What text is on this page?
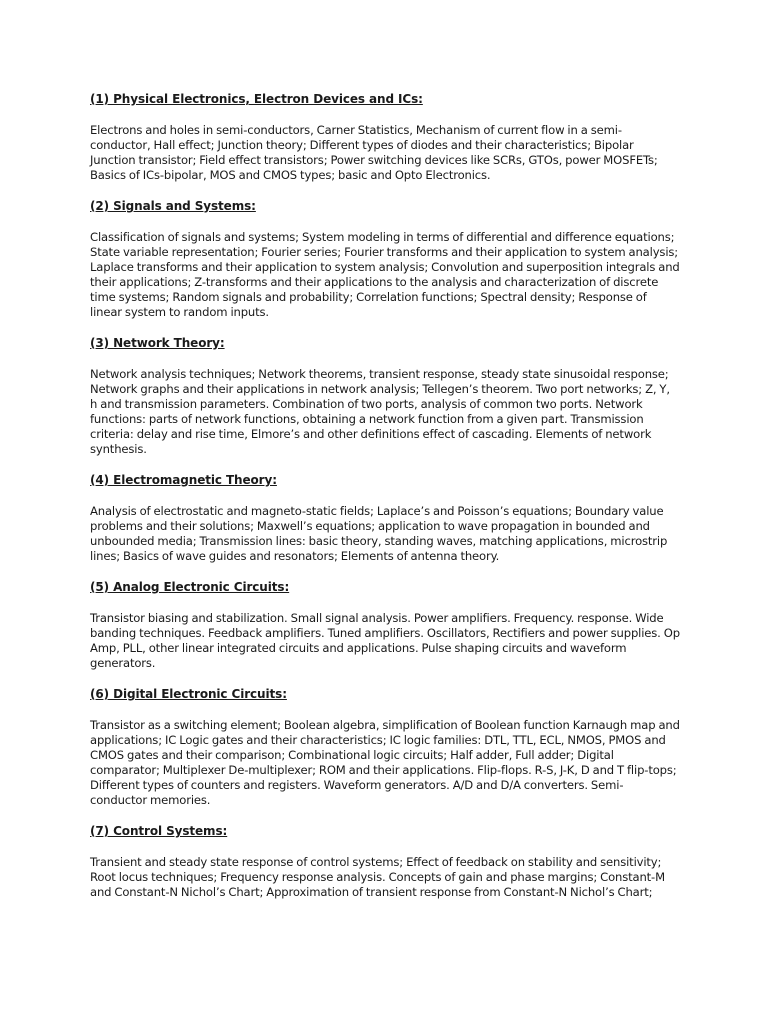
(1) Physical Electronics, Electron Devices and ICs:

Electrons and holes in semi-conductors, Carner Statistics, Mechanism of current flow in a semi-conductor, Hall effect; Junction theory; Different types of diodes and their characteristics; Bipolar Junction transistor; Field effect transistors; Power switching devices like SCRs, GTOs, power MOSFETs; Basics of ICs-bipolar, MOS and CMOS types; basic and Opto Electronics.

(2) Signals and Systems:

Classification of signals and systems; System modeling in terms of differential and difference equations; State variable representation; Fourier series; Fourier transforms and their application to system analysis; Laplace transforms and their application to system analysis; Convolution and superposition integrals and their applications; Z-transforms and their applications to the analysis and characterization of discrete time systems; Random signals and probability; Correlation functions; Spectral density; Response of linear system to random inputs.

(3) Network Theory:

Network analysis techniques; Network theorems, transient response, steady state sinusoidal response; Network graphs and their applications in network analysis; Tellegen’s theorem. Two port networks; Z, Y, h and transmission parameters. Combination of two ports, analysis of common two ports. Network functions: parts of network functions, obtaining a network function from a given part. Transmission criteria: delay and rise time, Elmore’s and other definitions effect of cascading. Elements of network synthesis.

(4) Electromagnetic Theory:

Analysis of electrostatic and magneto-static fields; Laplace’s and Poisson’s equations; Boundary value problems and their solutions; Maxwell’s equations; application to wave propagation in bounded and unbounded media; Transmission lines: basic theory, standing waves, matching applications, microstrip lines; Basics of wave guides and resonators; Elements of antenna theory.

(5) Analog Electronic Circuits:

Transistor biasing and stabilization. Small signal analysis. Power amplifiers. Frequency. response. Wide banding techniques. Feedback amplifiers. Tuned amplifiers. Oscillators, Rectifiers and power supplies. Op Amp, PLL, other linear integrated circuits and applications. Pulse shaping circuits and waveform generators.

(6) Digital Electronic Circuits:

Transistor as a switching element; Boolean algebra, simplification of Boolean function Karnaugh map and applications; IC Logic gates and their characteristics; IC logic families: DTL, TTL, ECL, NMOS, PMOS and CMOS gates and their comparison; Combinational logic circuits; Half adder, Full adder; Digital comparator; Multiplexer De-multiplexer; ROM and their applications. Flip-flops. R-S, J-K, D and T flip-tops; Different types of counters and registers. Waveform generators. A/D and D/A converters. Semi-conductor memories.

(7) Control Systems:

Transient and steady state response of control systems; Effect of feedback on stability and sensitivity; Root locus techniques; Frequency response analysis. Concepts of gain and phase margins; Constant-M and Constant-N Nichol’s Chart; Approximation of transient response from Constant-N Nichol’s Chart;
